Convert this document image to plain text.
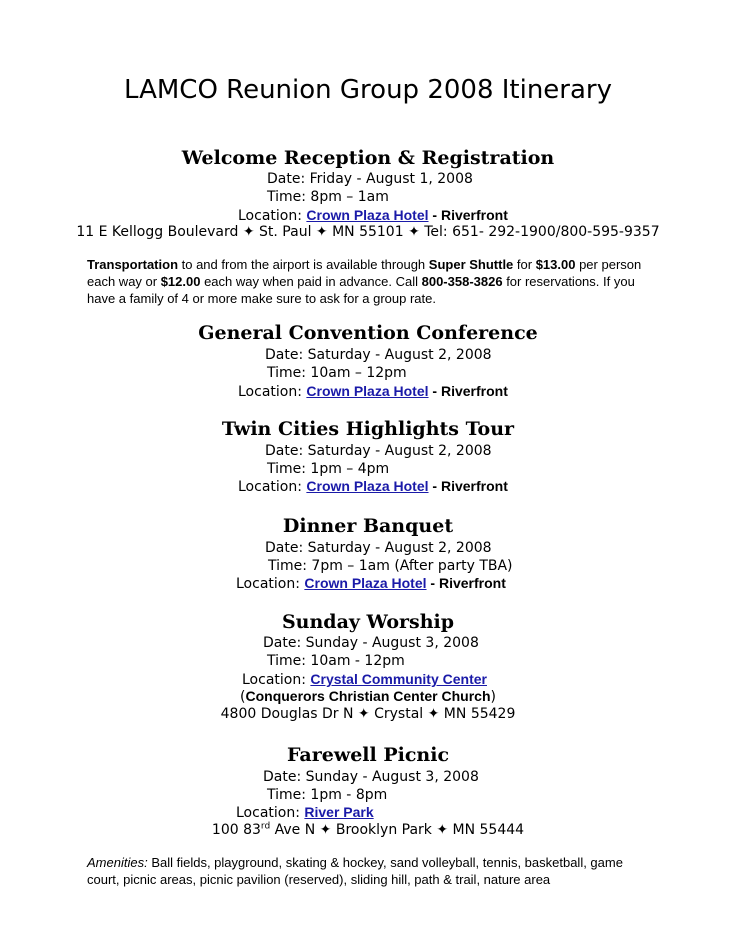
LAMCO Reunion Group 2008 Itinerary
Welcome Reception & Registration
Date: Friday - August 1, 2008
Time: 8pm – 1am
Location: Crown Plaza Hotel - Riverfront
11 E Kellogg Boulevard ✦ St. Paul ✦ MN 55101 ✦ Tel: 651- 292-1900/800-595-9357
Transportation to and from the airport is available through Super Shuttle for $13.00 per person each way or $12.00 each way when paid in advance. Call 800-358-3826 for reservations. If you have a family of 4 or more make sure to ask for a group rate.
General Convention Conference
Date: Saturday - August 2, 2008
Time: 10am – 12pm
Location: Crown Plaza Hotel - Riverfront
Twin Cities Highlights Tour
Date: Saturday - August 2, 2008
Time: 1pm – 4pm
Location: Crown Plaza Hotel - Riverfront
Dinner Banquet
Date: Saturday - August 2, 2008
Time: 7pm – 1am (After party TBA)
Location: Crown Plaza Hotel - Riverfront
Sunday Worship
Date: Sunday - August 3, 2008
Time: 10am - 12pm
Location: Crystal Community Center
(Conquerors Christian Center Church)
4800 Douglas Dr N ✦ Crystal ✦ MN 55429
Farewell Picnic
Date: Sunday - August 3, 2008
Time: 1pm - 8pm
Location: River Park
100 83rd Ave N ✦ Brooklyn Park ✦ MN 55444
Amenities: Ball fields, playground, skating & hockey, sand volleyball, tennis, basketball, game court, picnic areas, picnic pavilion (reserved), sliding hill, path & trail, nature area
